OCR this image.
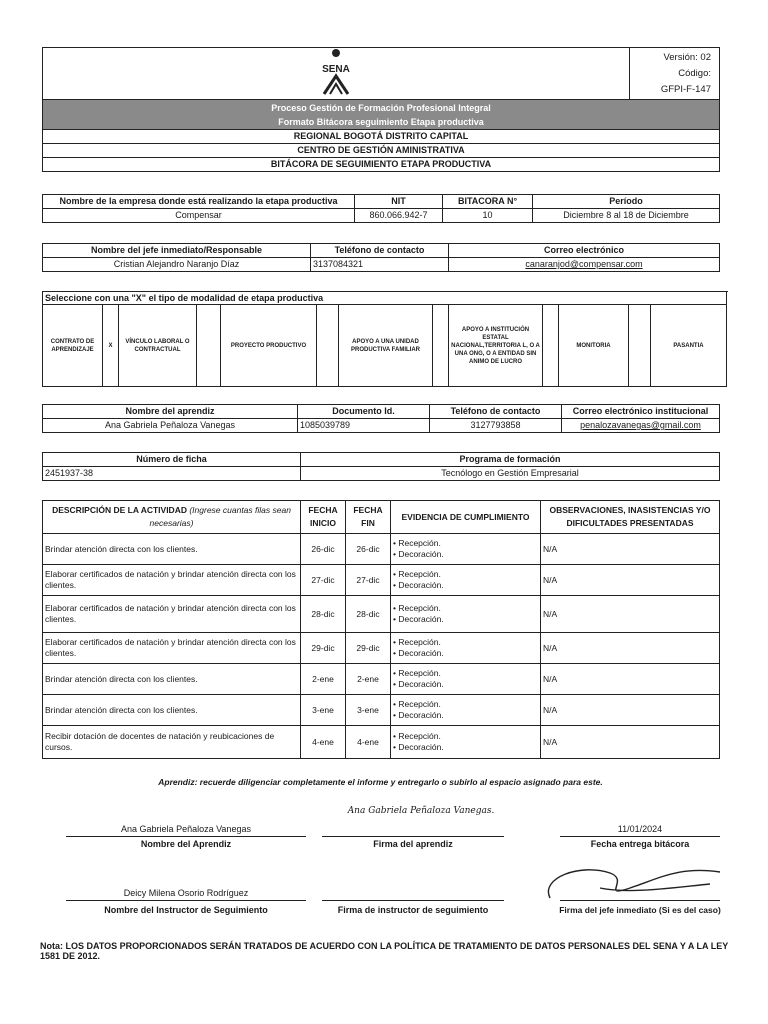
SENA

Versión: 02
Código:
GFPI-F-147

Proceso Gestión de Formación Profesional Integral
Formato Bitácora seguimiento Etapa productiva

REGIONAL BOGOTÁ DISTRITO CAPITAL
CENTRO DE GESTIÓN AMINISTRATIVA
BITÁCORA DE SEGUIMIENTO ETAPA PRODUCTIVA
Nombre de la empresa donde está realizando la etapa productiva	NIT	BITACORA N°	Período
Compensar	860.066.942-7	10	Diciembre 8 al 18 de Diciembre
Nombre del jefe inmediato/Responsable	Teléfono de contacto	Correo electrónico
Cristian Alejandro Naranjo Díaz	3137084321	canaranjod@compensar.com
Seleccione con una "X" el tipo de modalidad de etapa productiva
CONTRATO DE APRENDIZAJE	X	VÍNCULO LABORAL O CONTRACTUAL		PROYECTO PRODUCTIVO		APOYO A UNA UNIDAD PRODUCTIVA FAMILIAR		APOYO A INSTITUCIÓN ESTATAL NACIONAL,TERRITORIA L, O A UNA ONG, O A ENTIDAD SIN ANIMO DE LUCRO		MONITORIA		PASANTIA	
Nombre del aprendiz	Documento Id.	Teléfono de contacto	Correo electrónico institucional
Ana Gabriela Peñaloza Vanegas	1085039789	3127793858	penalozavanegas@gmail.com
Número de ficha	Programa de formación
2451937-38	Tecnólogo en Gestión Empresarial
DESCRIPCIÓN DE LA ACTIVIDAD (Ingrese cuantas filas sean necesarias)	FECHA INICIO	FECHA FIN	EVIDENCIA DE CUMPLIMIENTO	OBSERVACIONES, INASISTENCIAS Y/O DIFICULTADES PRESENTADAS
Brindar atención directa con los clientes.	26-dic	26-dic	• Recepción.
• Decoración.	N/A
Elaborar certificados de natación y brindar atención directa con los clientes.	27-dic	27-dic	• Recepción.
• Decoración.	N/A
Elaborar certificados de natación y brindar atención directa con los clientes.	28-dic	28-dic	• Recepción.
• Decoración.	N/A
Elaborar certificados de natación y brindar atención directa con los clientes.	29-dic	29-dic	• Recepción.
• Decoración.	N/A
Brindar atención directa con los clientes.	2-ene	2-ene	• Recepción.
• Decoración.	N/A
Brindar atención directa con los clientes.	3-ene	3-ene	• Recepción.
• Decoración.	N/A
Recibir dotación de docentes de natación y reubicaciones de cursos.	4-ene	4-ene	• Recepción.
• Decoración.	N/A
Aprendiz: recuerde diligenciar completamente el informe y entregarlo o subirlo al espacio asignado para este.
Ana Gabriela Peñaloza Vanegas
Nombre del Aprendiz
Ana Gabriela Peñaloza Vanegas.
Firma del aprendiz
11/01/2024
Fecha entrega bitácora
Deicy Milena Osorio Rodríguez
Nombre del Instructor de Seguimiento	Firma de instructor de seguimiento	Firma del jefe inmediato (Si es del caso)
Nota: LOS DATOS PROPORCIONADOS SERÁN TRATADOS DE ACUERDO CON LA POLÍTICA DE TRATAMIENTO DE DATOS PERSONALES DEL SENA Y A LA LEY 1581 DE 2012.
